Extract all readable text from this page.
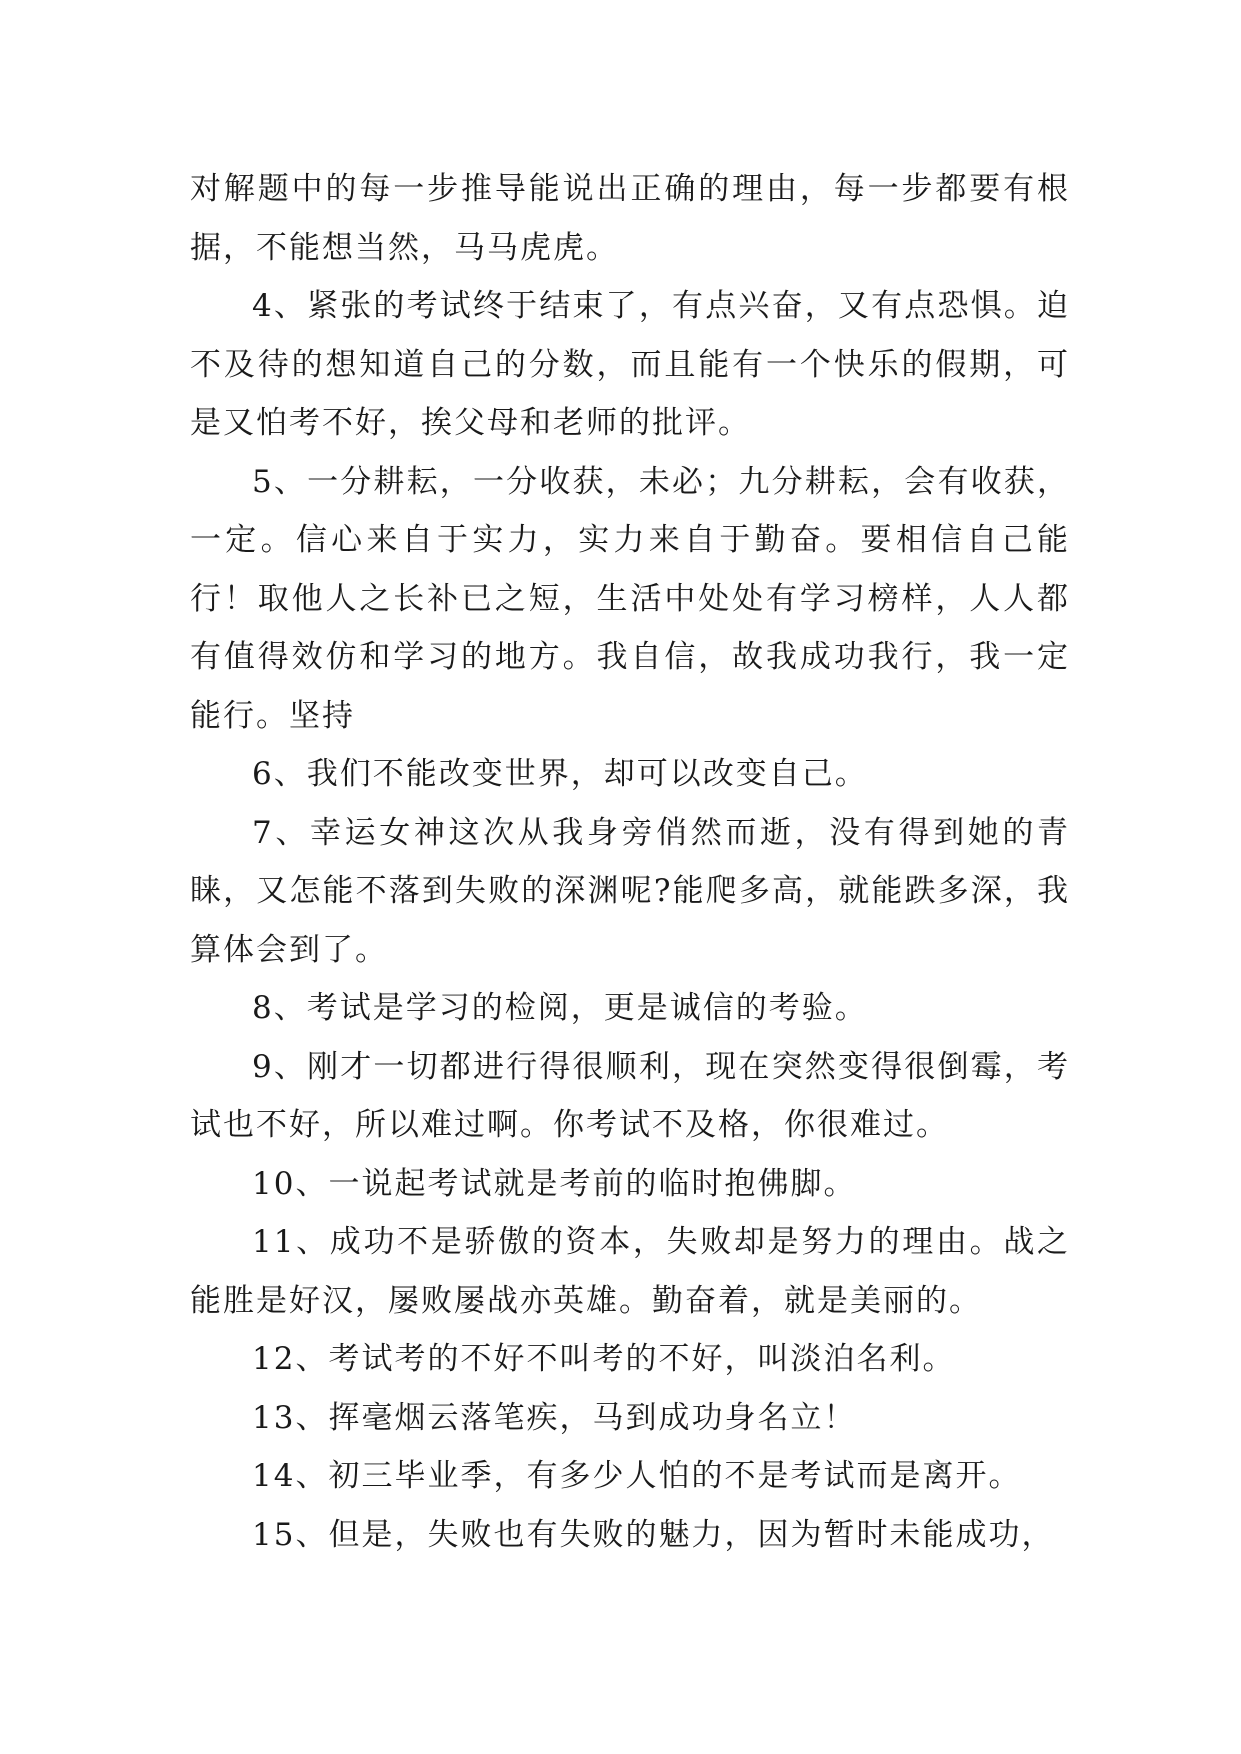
对解题中的每一步推导能说出正确的理由，每一步都要有根据，不能想当然，马马虎虎。

4、紧张的考试终于结束了，有点兴奋，又有点恐惧。迫不及待的想知道自己的分数，而且能有一个快乐的假期，可是又怕考不好，挨父母和老师的批评。

5、一分耕耘，一分收获，未必；九分耕耘，会有收获，一定。信心来自于实力，实力来自于勤奋。要相信自己能行！取他人之长补已之短，生活中处处有学习榜样，人人都有值得效仿和学习的地方。我自信，故我成功我行，我一定能行。坚持

6、我们不能改变世界，却可以改变自己。

7、幸运女神这次从我身旁俏然而逝，没有得到她的青睐，又怎能不落到失败的深渊呢?能爬多高，就能跌多深，我算体会到了。

8、考试是学习的检阅，更是诚信的考验。

9、刚才一切都进行得很顺利，现在突然变得很倒霉，考试也不好，所以难过啊。你考试不及格，你很难过。

10、一说起考试就是考前的临时抱佛脚。

11、成功不是骄傲的资本，失败却是努力的理由。战之能胜是好汉，屡败屡战亦英雄。勤奋着，就是美丽的。

12、考试考的不好不叫考的不好，叫淡泊名利。

13、挥毫烟云落笔疾，马到成功身名立！

14、初三毕业季，有多少人怕的不是考试而是离开。

15、但是，失败也有失败的魅力，因为暂时未能成功，
